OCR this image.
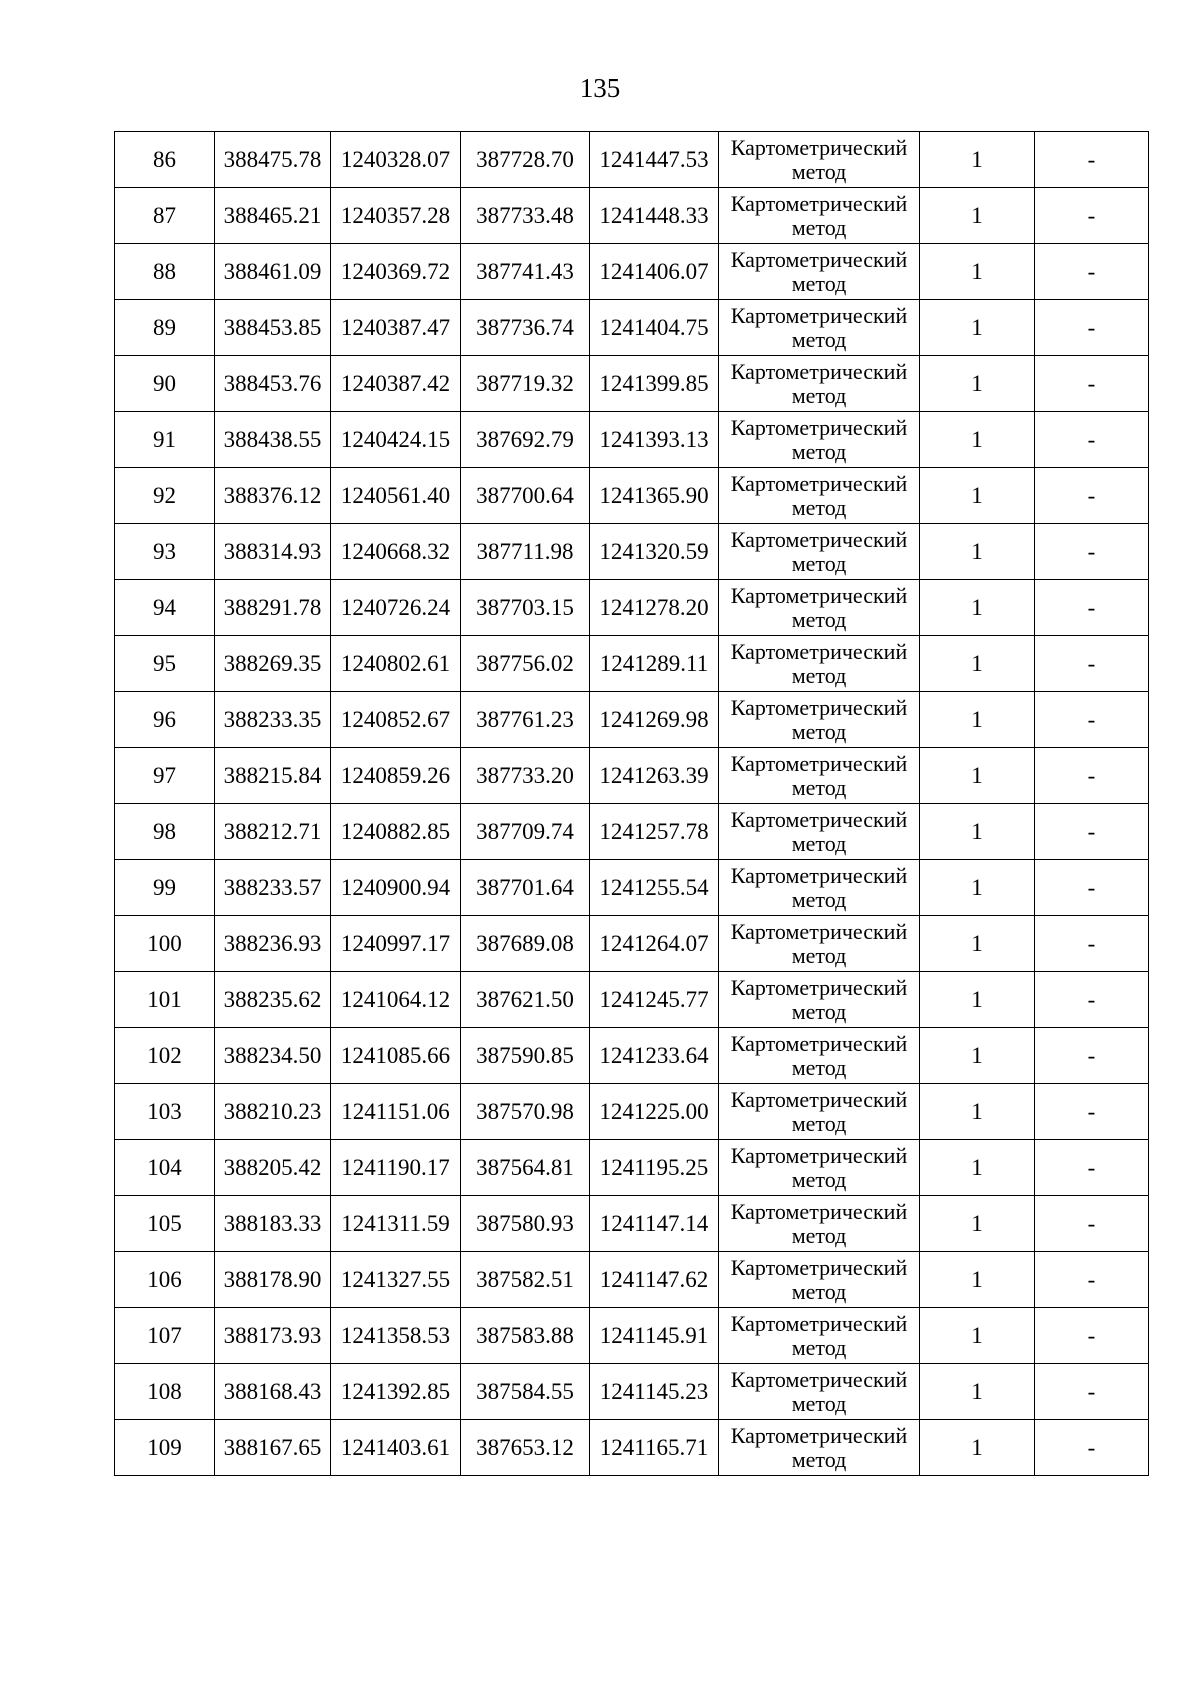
135
86	388475.78	1240328.07	387728.70	1241447.53	Картометрический
метод	1	-
87	388465.21	1240357.28	387733.48	1241448.33	Картометрический
метод	1	-
88	388461.09	1240369.72	387741.43	1241406.07	Картометрический
метод	1	-
89	388453.85	1240387.47	387736.74	1241404.75	Картометрический
метод	1	-
90	388453.76	1240387.42	387719.32	1241399.85	Картометрический
метод	1	-
91	388438.55	1240424.15	387692.79	1241393.13	Картометрический
метод	1	-
92	388376.12	1240561.40	387700.64	1241365.90	Картометрический
метод	1	-
93	388314.93	1240668.32	387711.98	1241320.59	Картометрический
метод	1	-
94	388291.78	1240726.24	387703.15	1241278.20	Картометрический
метод	1	-
95	388269.35	1240802.61	387756.02	1241289.11	Картометрический
метод	1	-
96	388233.35	1240852.67	387761.23	1241269.98	Картометрический
метод	1	-
97	388215.84	1240859.26	387733.20	1241263.39	Картометрический
метод	1	-
98	388212.71	1240882.85	387709.74	1241257.78	Картометрический
метод	1	-
99	388233.57	1240900.94	387701.64	1241255.54	Картометрический
метод	1	-
100	388236.93	1240997.17	387689.08	1241264.07	Картометрический
метод	1	-
101	388235.62	1241064.12	387621.50	1241245.77	Картометрический
метод	1	-
102	388234.50	1241085.66	387590.85	1241233.64	Картометрический
метод	1	-
103	388210.23	1241151.06	387570.98	1241225.00	Картометрический
метод	1	-
104	388205.42	1241190.17	387564.81	1241195.25	Картометрический
метод	1	-
105	388183.33	1241311.59	387580.93	1241147.14	Картометрический
метод	1	-
106	388178.90	1241327.55	387582.51	1241147.62	Картометрический
метод	1	-
107	388173.93	1241358.53	387583.88	1241145.91	Картометрический
метод	1	-
108	388168.43	1241392.85	387584.55	1241145.23	Картометрический
метод	1	-
109	388167.65	1241403.61	387653.12	1241165.71	Картометрический
метод	1	-
